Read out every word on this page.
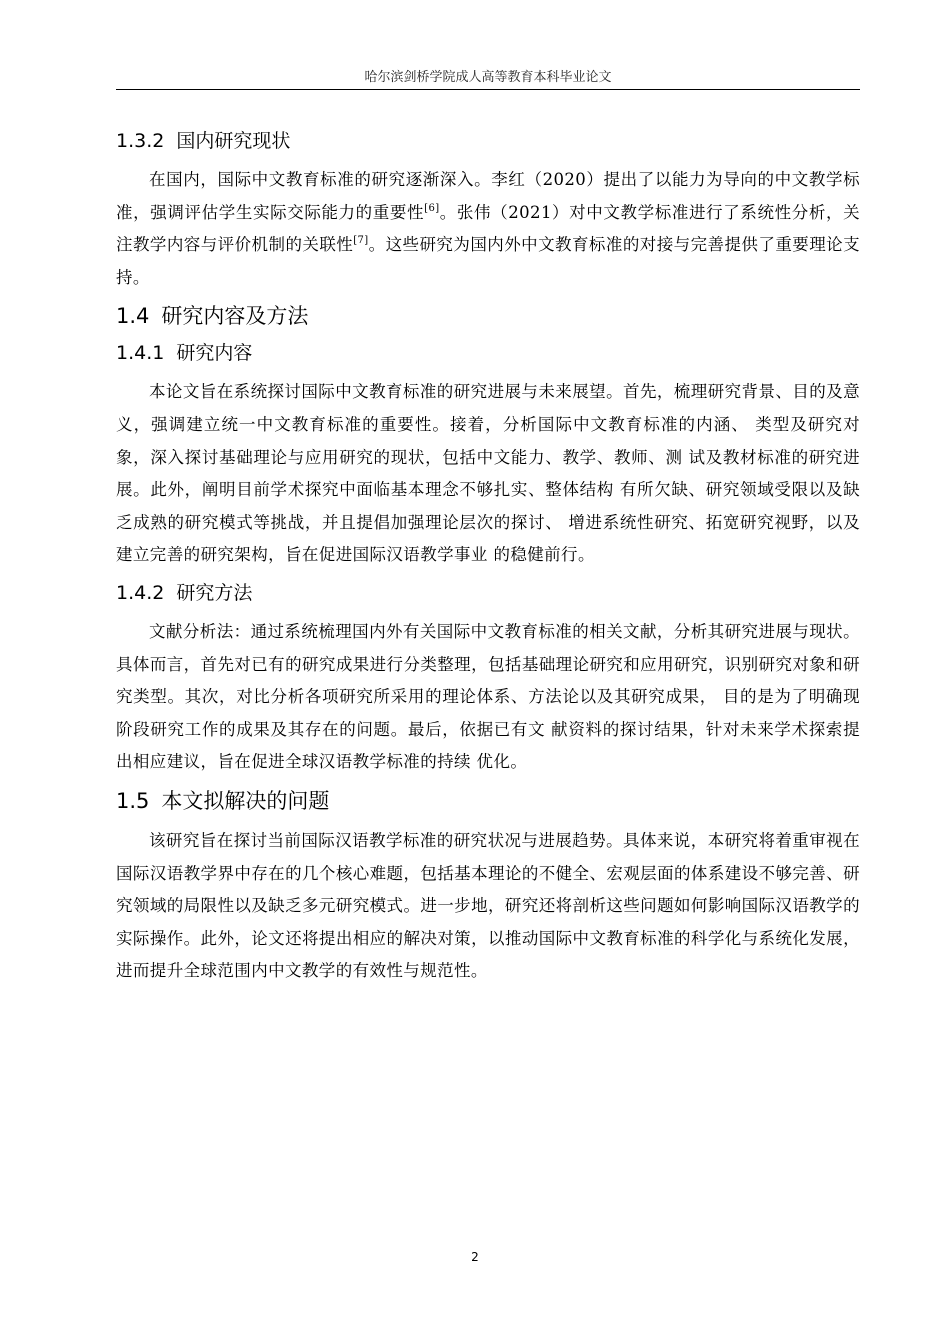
哈尔滨剑桥学院成人高等教育本科毕业论文
1.3.2 国内研究现状

在国内，国际中文教育标准的研究逐渐深入。李红（2020）提出了以能力为导向的中文教学标准，强调评估学生实际交际能力的重要性[6]。张伟（2021）对中文教学标准进行了系统性分析，关注教学内容与评价机制的关联性[7]。这些研究为国内外中文教育标准的对接与完善提供了重要理论支持。

1.4 研究内容及方法
1.4.1 研究内容

本论文旨在系统探讨国际中文教育标准的研究进展与未来展望。首先，梳理研究背景、目的及意义，强调建立统一中文教育标准的重要性。接着，分析国际中文教育标准的内涵、 类型及研究对象，深入探讨基础理论与应用研究的现状，包括中文能力、教学、教师、测 试及教材标准的研究进展。此外，阐明目前学术探究中面临基本理念不够扎实、整体结构 有所欠缺、研究领域受限以及缺乏成熟的研究模式等挑战，并且提倡加强理论层次的探讨、 增进系统性研究、拓宽研究视野，以及建立完善的研究架构，旨在促进国际汉语教学事业 的稳健前行。

1.4.2 研究方法

文献分析法：通过系统梳理国内外有关国际中文教育标准的相关文献，分析其研究进展与现状。具体而言，首先对已有的研究成果进行分类整理，包括基础理论研究和应用研究，识别研究对象和研究类型。其次，对比分析各项研究所采用的理论体系、方法论以及其研究成果， 目的是为了明确现阶段研究工作的成果及其存在的问题。最后，依据已有文 献资料的探讨结果，针对未来学术探索提出相应建议，旨在促进全球汉语教学标准的持续 优化。

1.5 本文拟解决的问题

该研究旨在探讨当前国际汉语教学标准的研究状况与进展趋势。具体来说，本研究将着重审视在国际汉语教学界中存在的几个核心难题，包括基本理论的不健全、宏观层面的体系建设不够完善、研究领域的局限性以及缺乏多元研究模式。进一步地，研究还将剖析这些问题如何影响国际汉语教学的实际操作。此外，论文还将提出相应的解决对策，以推动国际中文教育标准的科学化与系统化发展，进而提升全球范围内中文教学的有效性与规范性。

2
